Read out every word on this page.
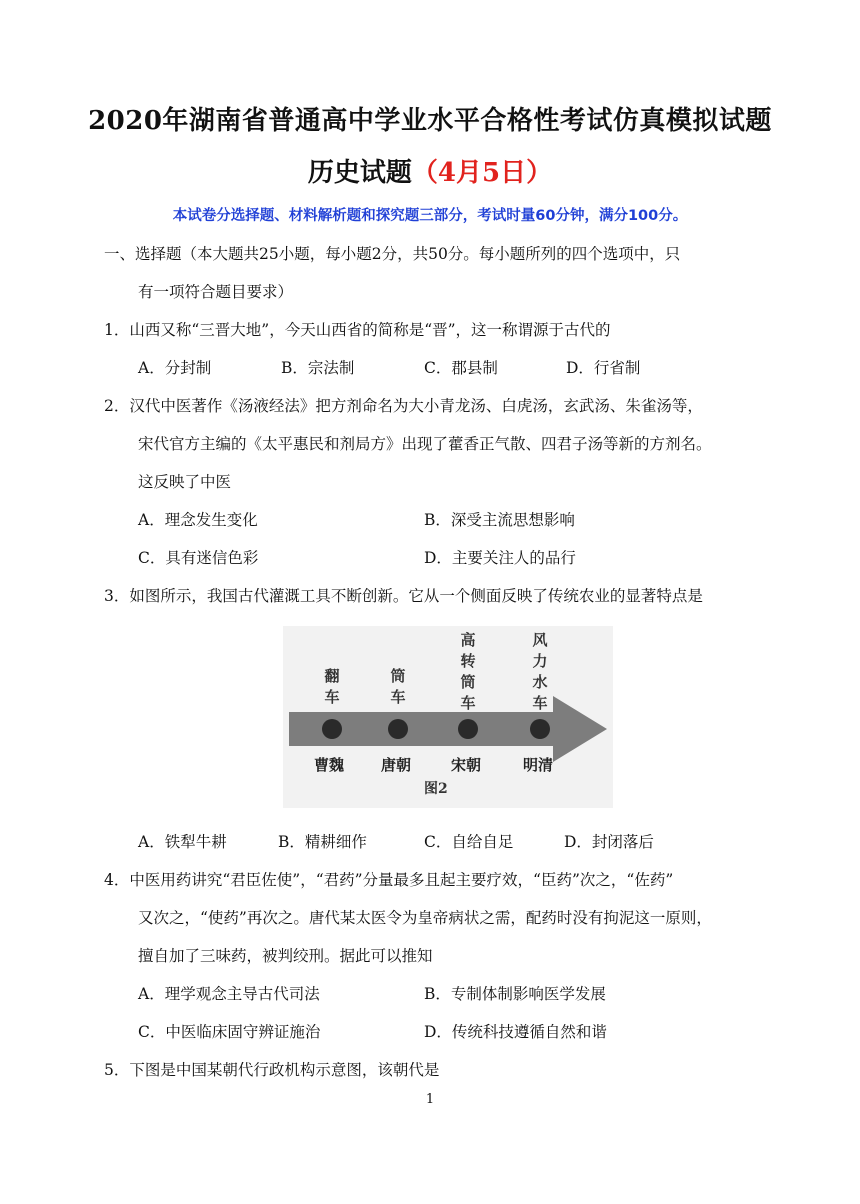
2020年湖南省普通高中学业水平合格性考试仿真模拟试题
历史试题（4月5日）
本试卷分选择题、材料解析题和探究题三部分，考试时量60分钟，满分100分。
一、选择题（本大题共25小题，每小题2分，共50分。每小题所列的四个选项中，只
有一项符合题目要求）
1．山西又称“三晋大地”，今天山西省的简称是“晋”，这一称谓源于古代的
A．分封制	B．宗法制	C．郡县制	D．行省制
2．汉代中医著作《汤液经法》把方剂命名为大小青龙汤、白虎汤，玄武汤、朱雀汤等，
宋代官方主编的《太平惠民和剂局方》出现了藿香正气散、四君子汤等新的方剂名。
这反映了中医
A．理念发生变化	B．深受主流思想影响
C．具有迷信色彩	D．主要关注人的品行
3．如图所示，我国古代灌溉工具不断创新。它从一个侧面反映了传统农业的显著特点是
翻车
筒车
高转筒车
风力水车
曹魏 唐朝	宋朝	明清
图2
A．铁犁牛耕	B．精耕细作	C．自给自足	D．封闭落后
4．中医用药讲究“君臣佐使”，“君药”分量最多且起主要疗效，“臣药”次之，“佐药”
又次之，“使药”再次之。唐代某太医令为皇帝病状之需，配药时没有拘泥这一原则，
擅自加了三味药，被判绞刑。据此可以推知
A．理学观念主导古代司法	B．专制体制影响医学发展
C．中医临床固守辨证施治	D．传统科技遵循自然和谐
5．下图是中国某朝代行政机构示意图，该朝代是
1
